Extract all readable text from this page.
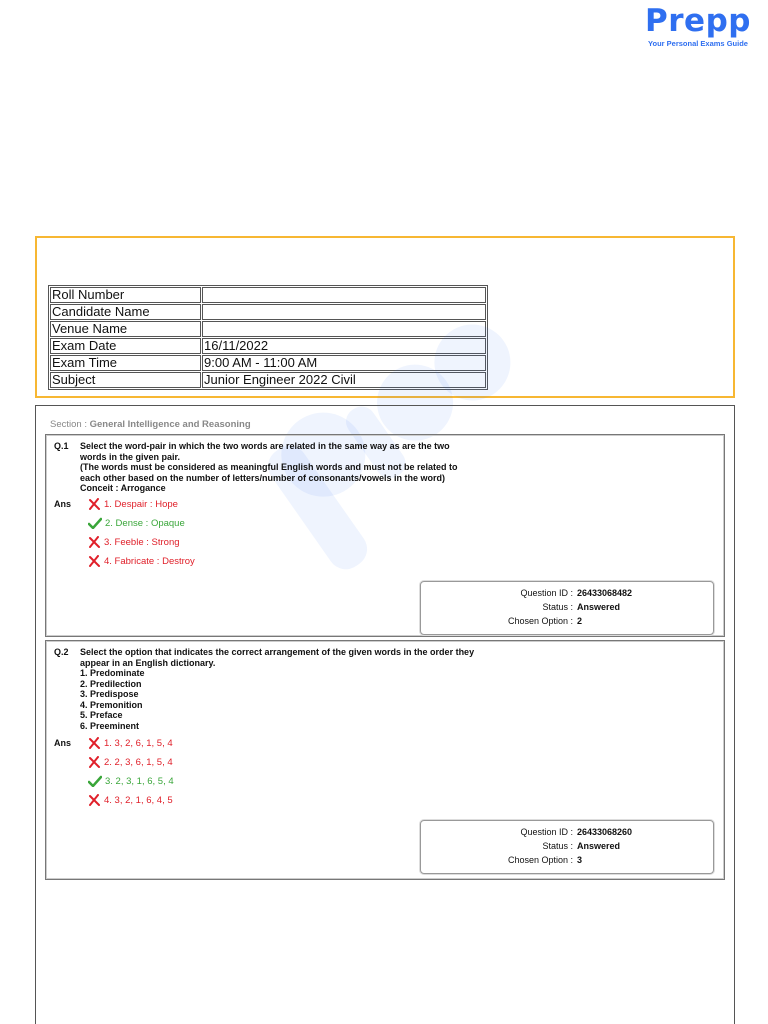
Prepp
Your Personal Exams Guide
Roll Number	
Candidate Name	
Venue Name	
Exam Date	16/11/2022
Exam Time	9:00 AM - 11:00 AM
Subject	Junior Engineer 2022 Civil
Section : General Intelligence and Reasoning
Q.1 Select the word-pair in which the two words are related in the same way as are the two
words in the given pair.
(The words must be considered as meaningful English words and must not be related to
each other based on the number of letters/number of consonants/vowels in the word)
Conceit : Arrogance
Ans	1. Despair : Hope
2. Dense : Opaque
3. Feeble : Strong
4. Fabricate : Destroy
Question ID : 26433068482
Status : Answered
Chosen Option : 2
Q.2 Select the option that indicates the correct arrangement of the given words in the order they
appear in an English dictionary.
1. Predominate
2. Predilection
3. Predispose
4. Premonition
5. Preface
6. Preeminent
Ans	1. 3, 2, 6, 1, 5, 4
2. 2, 3, 6, 1, 5, 4
3. 2, 3, 1, 6, 5, 4
4. 3, 2, 1, 6, 4, 5
Question ID : 26433068260
Status : Answered
Chosen Option : 3
